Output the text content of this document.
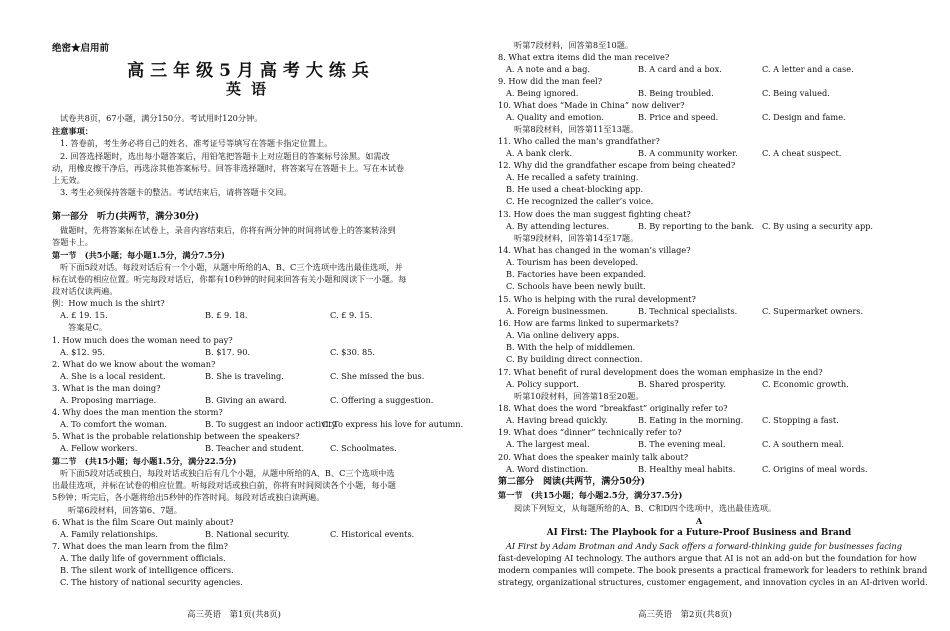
绝密★启用前
高三年级5月高考大练兵
英语
试卷共8页，67小题，满分150分。考试用时120分钟。
注意事项：
1. 答卷前，考生务必将自己的姓名、准考证号等填写在答题卡指定位置上。
2. 回答选择题时，选出每小题答案后，用铅笔把答题卡上对应题目的答案标号涂黑。如需改
动，用橡皮擦干净后，再选涂其他答案标号。回答非选择题时，将答案写在答题卡上。写在本试卷
上无效。
3. 考生必须保持答题卡的整洁。考试结束后，请将答题卡交回。
第一部分　听力(共两节，满分30分)
做题时，先将答案标在试卷上，录音内容结束后，你将有两分钟的时间将试卷上的答案转涂到
答题卡上。
第一节　(共5小题；每小题1.5分，满分7.5分)
听下面5段对话。每段对话后有一个小题，从题中所给的A、B、C三个选项中选出最佳选项，并
标在试卷的相应位置。听完每段对话后，你都有10秒钟的时间来回答有关小题和阅读下一小题。每
段对话仅读两遍。
例：How much is the shirt?
A. £ 19. 15.	B. £ 9. 18.	C. £ 9. 15.
答案是C。
1. How much does the woman need to pay?
A. $12. 95.	B. $17. 90.	C. $30. 85.
2. What do we know about the woman?
A. She is a local resident.	B. She is traveling.	C. She missed the bus.
3. What is the man doing?
A. Proposing marriage.	B. Giving an award.	C. Offering a suggestion.
4. Why does the man mention the storm?
A. To comfort the woman.	B. To suggest an indoor activity.
C. To express his love for autumn.
5. What is the probable relationship between the speakers?
A. Fellow workers.	B. Teacher and student.	C. Schoolmates.
第二节　(共15小题；每小题1.5分，满分22.5分)
听下面5段对话或独白，每段对话或独白后有几个小题，从题中所给的A、B、C三个选项中选
出最佳选项，并标在试卷的相应位置。听每段对话或独白前，你将有时间阅读各个小题，每小题
5秒钟；听完后，各小题将给出5秒钟的作答时间。每段对话或独白读两遍。
听第6段材料，回答第6、7题。
6. What is the film Scare Out mainly about?
A. Family relationships.	B. National security.	C. Historical events.
7. What does the man learn from the film?
A. The daily life of government officials.
B. The silent work of intelligence officers.
C. The history of national security agencies.
高三英语　第1页(共8页)
听第7段材料，回答第8至10题。
8. What extra items did the man receive?
A. A note and a bag.	B. A card and a box.	C. A letter and a case.
9. How did the man feel?
A. Being ignored.	B. Being troubled.	C. Being valued.
10. What does “Made in China” now deliver?
A. Quality and emotion.	B. Price and speed.	C. Design and fame.
听第8段材料，回答第11至13题。
11. Who called the man’s grandfather?
A. A bank clerk.	B. A community worker.	C. A cheat suspect.
12. Why did the grandfather escape from being cheated?
A. He recalled a safety training.
B. He used a cheat-blocking app.
C. He recognized the caller’s voice.
13. How does the man suggest fighting cheat?
A. By attending lectures.	B. By reporting to the bank. C. By using a security app.
听第9段材料，回答第14至17题。
14. What has changed in the woman’s village?
A. Tourism has been developed.
B. Factories have been expanded.
C. Schools have been newly built.
15. Who is helping with the rural development?
A. Foreign businessmen.	B. Technical specialists.	C. Supermarket owners.
16. How are farms linked to supermarkets?
A. Via online delivery apps.
B. With the help of middlemen.
C. By building direct connection.
17. What benefit of rural development does the woman emphasize in the end?
A. Policy support.	B. Shared prosperity.	C. Economic growth.
听第10段材料，回答第18至20题。
18. What does the word “breakfast” originally refer to?
A. Having bread quickly.	B. Eating in the morning. C. Stopping a fast.
19. What does “dinner” technically refer to?
A. The largest meal.	B. The evening meal.	C. A southern meal.
20. What does the speaker mainly talk about?
A. Word distinction.	B. Healthy meal habits.	C. Origins of meal words.
第二部分　阅读(共两节，满分50分)
第一节　(共15小题；每小题2.5分，满分37.5分)
阅读下列短文，从每题所给的A、B、C和D四个选项中，选出最佳选项。
A
AI First: The Playbook for a Future-Proof Business and Brand
AI First by Adam Brotman and Andy Sack offers a forward-thinking guide for businesses facing
fast-developing AI technology. The authors argue that AI is not an add-on but the foundation for how
modern companies will compete. The book presents a practical framework for leaders to rethink brand
strategy, organizational structures, customer engagement, and innovation cycles in an AI-driven world.
高三英语　第2页(共8页)
